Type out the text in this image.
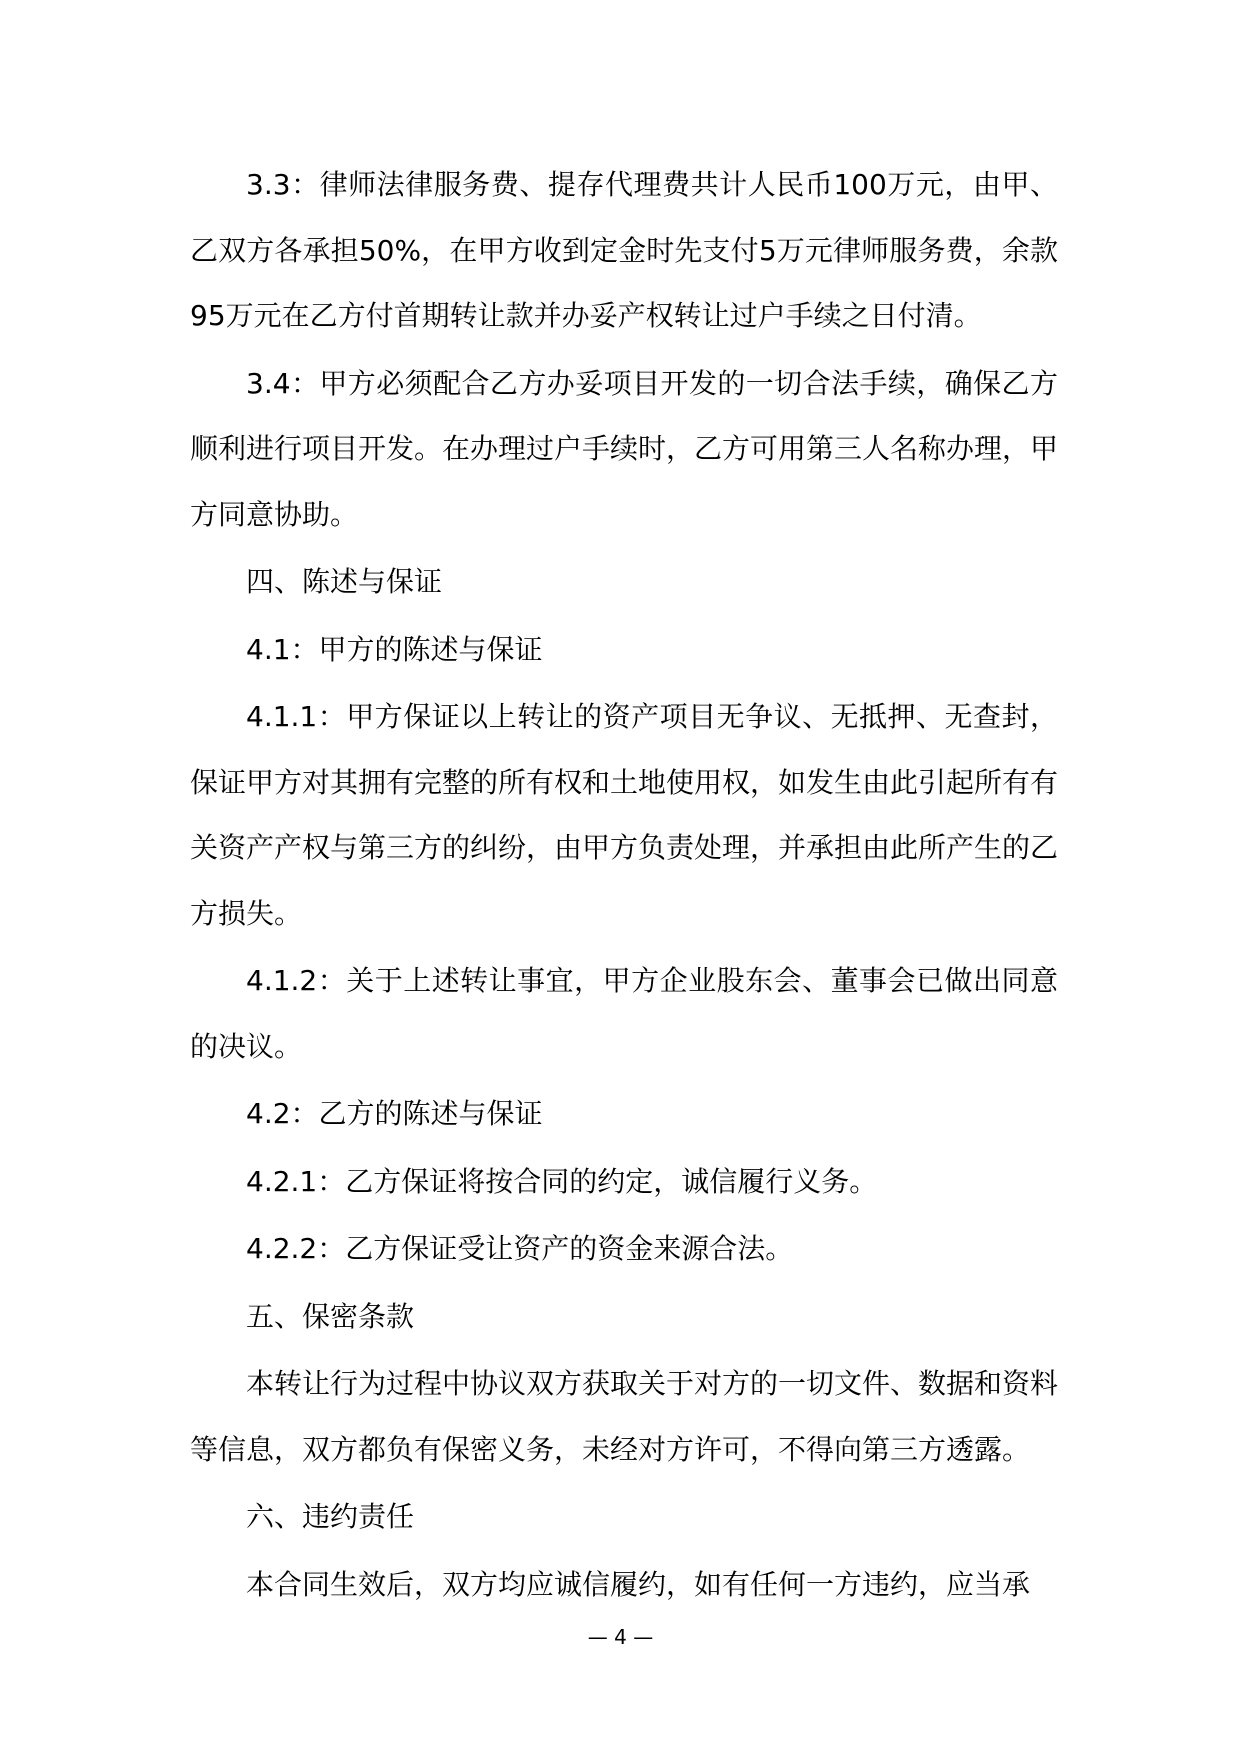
3.3：律师法律服务费、提存代理费共计人民币100万元，由甲、乙双方各承担50%，在甲方收到定金时先支付5万元律师服务费，余款95万元在乙方付首期转让款并办妥产权转让过户手续之日付清。

3.4：甲方必须配合乙方办妥项目开发的一切合法手续，确保乙方顺利进行项目开发。在办理过户手续时，乙方可用第三人名称办理，甲方同意协助。

四、陈述与保证

4.1：甲方的陈述与保证

4.1.1：甲方保证以上转让的资产项目无争议、无抵押、无查封，保证甲方对其拥有完整的所有权和土地使用权，如发生由此引起所有有关资产产权与第三方的纠纷，由甲方负责处理，并承担由此所产生的乙方损失。

4.1.2：关于上述转让事宜，甲方企业股东会、董事会已做出同意的决议。

4.2：乙方的陈述与保证

4.2.1：乙方保证将按合同的约定，诚信履行义务。

4.2.2：乙方保证受让资产的资金来源合法。

五、保密条款

本转让行为过程中协议双方获取关于对方的一切文件、数据和资料等信息，双方都负有保密义务，未经对方许可，不得向第三方透露。

六、违约责任

本合同生效后，双方均应诚信履约，如有任何一方违约，应当承

— 4 —
